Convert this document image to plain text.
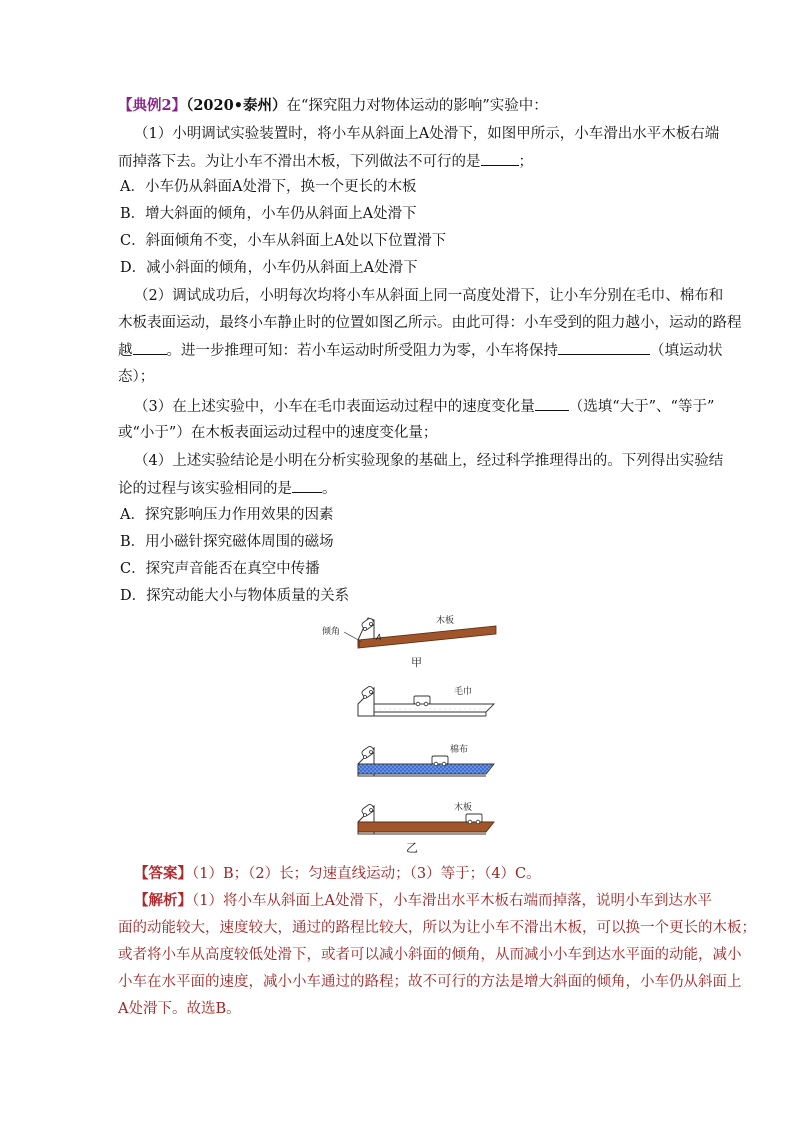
【典例2】（2020•泰州）在“探究阻力对物体运动的影响”实验中：
（1）小明调试实验装置时，将小车从斜面上A处滑下，如图甲所示，小车滑出水平木板右端
而掉落下去。为让小车不滑出木板，下列做法不可行的是	；
A．小车仍从斜面A处滑下，换一个更长的木板
B．增大斜面的倾角，小车仍从斜面上A处滑下
C．斜面倾角不变，小车从斜面上A处以下位置滑下
D．减小斜面的倾角，小车仍从斜面上A处滑下
（2）调试成功后，小明每次均将小车从斜面上同一高度处滑下，让小车分别在毛巾、棉布和
木板表面运动，最终小车静止时的位置如图乙所示。由此可得：小车受到的阻力越小，运动的路程
越 。进一步推理可知：若小车运动时所受阻力为零，小车将保持	（填运动状
态）；
（3）在上述实验中，小车在毛巾表面运动过程中的速度变化量 （选填“大于”、“等于”
或“小于”）在木板表面运动过程中的速度变化量；
（4）上述实验结论是小明在分析实验现象的基础上，经过科学推理得出的。下列得出实验结
论的过程与该实验相同的是 。
A．探究影响压力作用效果的因素
B．用小磁针探究磁体周围的磁场
C．探究声音能否在真空中传播
D．探究动能大小与物体质量的关系
倾角
A
木板
甲
毛巾
棉布
木板
乙
【答案】（1）B；（2）长；匀速直线运动；（3）等于；（4）C。
【解析】（1）将小车从斜面上A处滑下，小车滑出水平木板右端而掉落，说明小车到达水平
面的动能较大，速度较大，通过的路程比较大，所以为让小车不滑出木板，可以换一个更长的木板；
或者将小车从高度较低处滑下，或者可以减小斜面的倾角，从而减小小车到达水平面的动能，减小
小车在水平面的速度，减小小车通过的路程；故不可行的方法是增大斜面的倾角，小车仍从斜面上
A处滑下。故选B。
